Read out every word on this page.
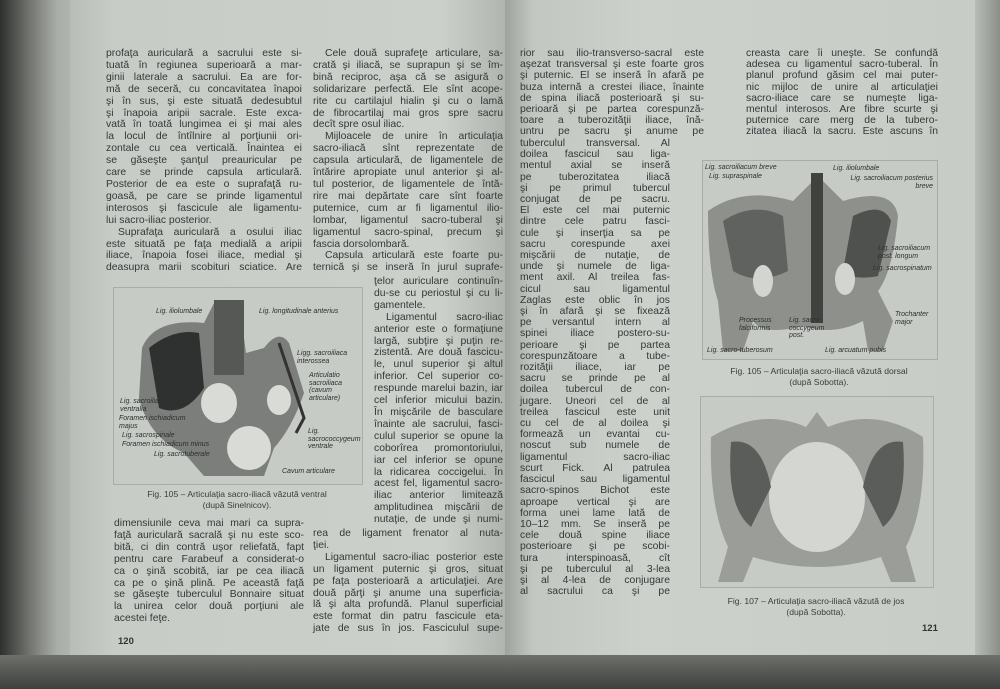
profaţa auriculară a sacrului este si-
tuată în regiunea superioară a mar-
ginii laterale a sacrului. Ea are for-
mă de seceră, cu concavitatea înapoi
şi în sus, şi este situată dedesubtul
şi înapoia aripii sacrale. Este exca-
vată în toată lungimea ei şi mai ales
la locul de întîlnire al porţiunii ori-
zontale cu cea verticală. Înaintea ei
se găseşte şanţul preauricular pe
care se prinde capsula articulară.
Posterior de ea este o suprafaţă ru-
goasă, pe care se prinde ligamentul
interosos şi fascicule ale ligamentu-
lui sacro-iliac posterior.
Suprafaţa auriculară a osului iliac
este situată pe faţa medială a aripii
iliace, înapoia fosei iliace, medial şi
deasupra marii scobituri sciatice. Are
Cele două suprafeţe articulare, sa-
crată şi iliacă, se suprapun şi se îm-
bină reciproc, aşa că se asigură o
solidarizare perfectă. Ele sînt acope-
rite cu cartilajul hialin şi cu o lamă
de fibrocartilaj mai gros spre sacru
decît spre osul iliac.
Mijloacele de unire în articulaţia
sacro-iliacă sînt reprezentate de
capsula articulară, de ligamentele de
întărire apropiate unul anterior şi al-
tul posterior, de ligamentele de întă-
rire mai depărtate care sînt foarte
puternice, cum ar fi ligamentul ilio-
lombar, ligamentul sacro-tuberal şi
ligamentul sacro-spinal, precum şi
fascia dorsolombară.
Capsula articulară este foarte pu-
ternică şi se inseră în jurul suprafe-
ţelor auriculare continuîn-
du-se cu periostul şi cu li-
gamentele.
Ligamentul sacro-iliac
anterior este o formaţiune
largă, subţire şi puţin re-
zistentă. Are două fascicu-
le, unul superior şi altul
inferior. Cel superior co-
respunde marelui bazin, iar
cel inferior micului bazin.
În mişcările de basculare
înainte ale sacrului, fasci-
culul superior se opune la
coborîrea promontoriului,
iar cel inferior se opune
la ridicarea coccigelui. În
acest fel, ligamentul sacro-
iliac anterior limitează
amplitudinea mişcării de
nutaţie, de unde şi numi-
rea de ligament frenator al nuta-
ţiei.
Ligamentul sacro-iliac posterior este
un ligament puternic şi gros, situat
pe faţa posterioară a articulaţiei. Are
două părţi şi anume una superficia-
lă şi alta profundă. Planul superficial
este format din patru fascicule eta-
jate de sus în jos. Fasciculul supe-
dimensiunile ceva mai mari ca supra-
faţă auriculară sacrală şi nu este sco-
bită, ci din contră uşor reliefată, fapt
pentru care Farabeuf a considerat-o
ca o şină scobită, iar pe cea iliacă
ca pe o şină plină. Pe această faţă
se găseşte tuberculul Bonnaire situat
la unirea celor două porţiuni ale
acestei feţe.
Lig. iliolumbale	Lig. longitudinale anterius
Ligg. sacroiliaca interossea
Articulatio sacroiliaca (cavum articulare)
Lig. sacroiliaca ventralia
Foramen ischiadicum majus
Lig. sacrospinale
Foramen ischiadicum minus
Lig. sacrotuberale
Lig. sacrococcygeum ventrale
Cavum articulare
Fig. 105 – Articulaţia sacro-iliacă văzută ventral
(după Sinelnicov).
120
rior sau ilio-transverso-sacral este
aşezat transversal şi este foarte gros
şi puternic. El se inseră în afară pe
buza internă a crestei iliace, înainte
de spina iliacă posterioară şi su-
perioară şi pe partea corespunză-
toare a tuberozităţii iliace, înă-
untru pe sacru şi anume pe
tuberculul transversal. Al
doilea fascicul sau liga-
mentul axial se inseră
pe tuberozitatea iliacă
şi pe primul tubercul
conjugat de pe sacru.
El este cel mai puternic
dintre cele patru fasci-
cule şi inserţia sa pe
sacru corespunde axei
mişcării de nutaţie, de
unde şi numele de liga-
ment axil. Al treilea fas-
cicul sau ligamentul
Zaglas este oblic în jos
şi în afară şi se fixează
pe versantul intern al
spinei iliace postero-su-
perioare şi pe partea
corespunzătoare a tube-
rozităţii iliace, iar pe
sacru se prinde pe al
doilea tubercul de con-
jugare. Uneori cel de al
treilea fascicul este unit
cu cel de al doilea şi
formează un evantai cu-
noscut sub numele de
ligamentul sacro-iliac
scurt Fick. Al patrulea
fascicul sau ligamentul
sacro-spinos Bichot este
aproape vertical şi are
forma unei lame lată de
10–12 mm. Se inseră pe
cele două spine iliace
posterioare şi pe scobi-
tura interspinoasă, cît
şi pe tuberculul al 3-lea
şi al 4-lea de conjugare
al sacrului ca şi pe
creasta care îi uneşte. Se confundă
adesea cu ligamentul sacro-tuberal. În
planul profund găsim cel mai puter-
nic mijloc de unire al articulaţiei
sacro-iliace care se numeşte liga-
mentul interosos. Are fibre scurte şi
puternice care merg de la tubero-
zitatea iliacă la sacru. Este ascuns în
Lig. sacroiliacum breve
Lig. supraspinale
Lig. iliolumbale
Lig. sacroiliacum posterius breve
Lig. sacroiliacum post. longum
Lig. sacrospinatum
Trochanter major
Processus falciformis
Lig. sacro-tuberosum
Lig. sacro-coccygeum post.
Lig. arcuatum pubis
Fig. 105 – Articulaţia sacro-iliacă văzută dorsal
(după Sobotta).
Fig. 107 – Articulaţia sacro-iliacă văzută de jos
(după Sobotta).
121
